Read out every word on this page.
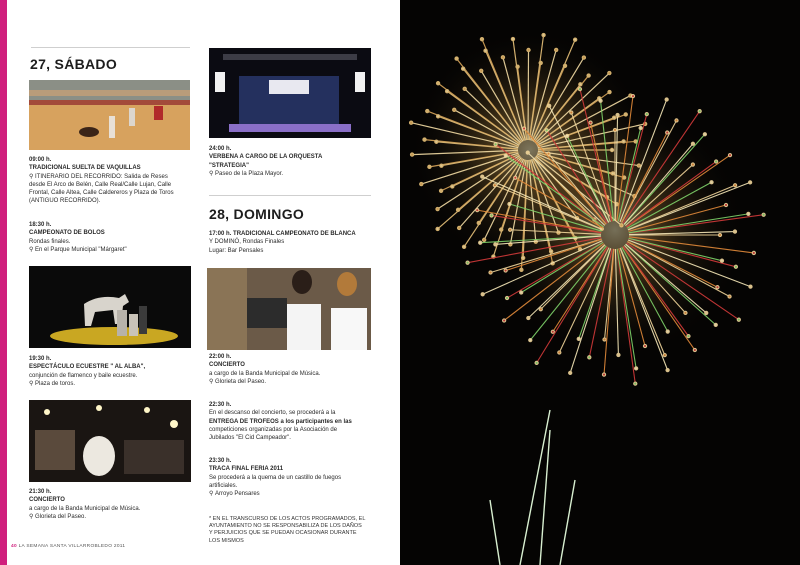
27, SÁBADO
09:00 h.
TRADICIONAL SUELTA DE VAQUILLAS
⚲ ITINERARIO DEL RECORRIDO: Salida de Reses
desde El Arco de Belén, Calle Real/Calle Lujan, Calle
Frontal, Calle Altea, Calle Caldereros y Plaza de Toros
(ANTIGUO RECORRIDO).
18:30 h.
CAMPEONATO DE BOLOS
Rondas finales.
⚲ En el Parque Municipal "Márgaret"
19:30 h.
ESPECTÁCULO ECUESTRE " AL ALBA",
conjunción de flamenco y baile ecuestre.
⚲ Plaza de toros.
21:30 h.
CONCIERTO
a cargo de la Banda Municipal de Música.
⚲ Glorieta del Paseo.
24:00 h.
VERBENA A CARGO DE LA ORQUESTA
"STRATEGIA"
⚲ Paseo de la Plaza Mayor.
28, DOMINGO
17:00 h. TRADICIONAL CAMPEONATO DE BLANCA
Y DOMINÓ, Rondas Finales
Lugar: Bar Pensales
22:00 h.
CONCIERTO
a cargo de la Banda Municipal de Música.
⚲ Glorieta del Paseo.
22:30 h.
En el descanso del concierto, se procederá a la
ENTREGA DE TROFEOS a los participantes en las
competiciones organizadas por la Asociación de
Jubilados "El Cid Campeador".
23:30 h.
TRACA FINAL FERIA 2011
Se procederá a la quema de un castillo de fuegos
artificiales.
⚲ Arroyo Pensares
* EN EL TRANSCURSO DE LOS ACTOS PROGRAMADOS, EL
AYUNTAMIENTO NO SE RESPONSABILIZA DE LOS DAÑOS
Y PERJUICIOS QUE SE PUEDAN OCASIONAR DURANTE
LOS MISMOS
40 LA SEMANA SANTA VILLARROBLEDO 2011
